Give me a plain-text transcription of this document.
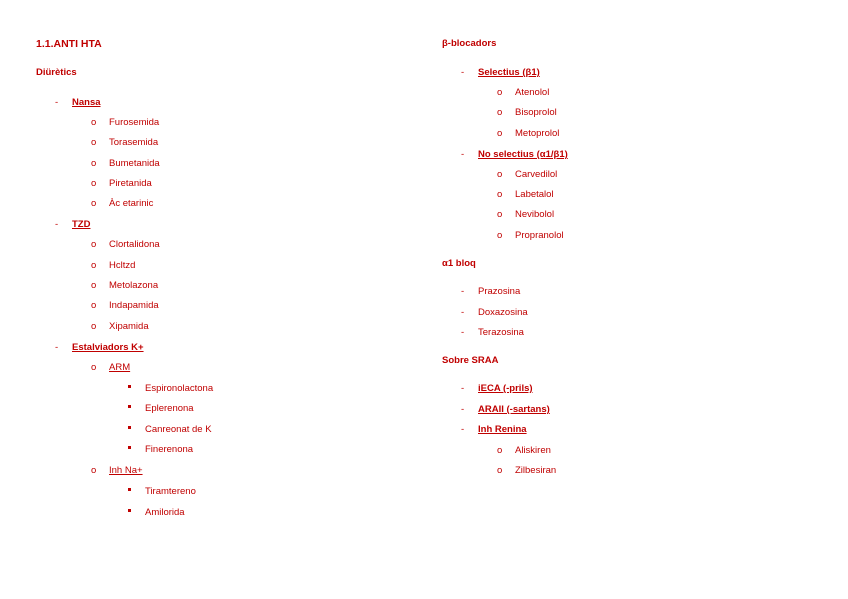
1.1.ANTI HTA
Diürètics
- Nansa
o Furosemida
o Torasemida
o Bumetanida
o Piretanida
o Àc etarinic
- TZD
o Clortalidona
o Hcltzd
o Metolazona
o Indapamida
o Xipamida
- Estalviadors K+
o ARM
Espironolactona
Eplerenona
Canreonat de K
Finerenona
o Inh Na+
Tiramtereno
Amilorida
β-blocadors
- Selectius (β1)
o Atenolol
o Bisoprolol
o Metoprolol
- No selectius (α1/β1)
o Carvedilol
o Labetalol
o Nevibolol
o Propranolol
α1 bloq
- Prazosina
- Doxazosina
- Terazosina
Sobre SRAA
- iECA (-prils)
- ARAII (-sartans)
- Inh Renina
o Aliskiren
o Zilbesiran
